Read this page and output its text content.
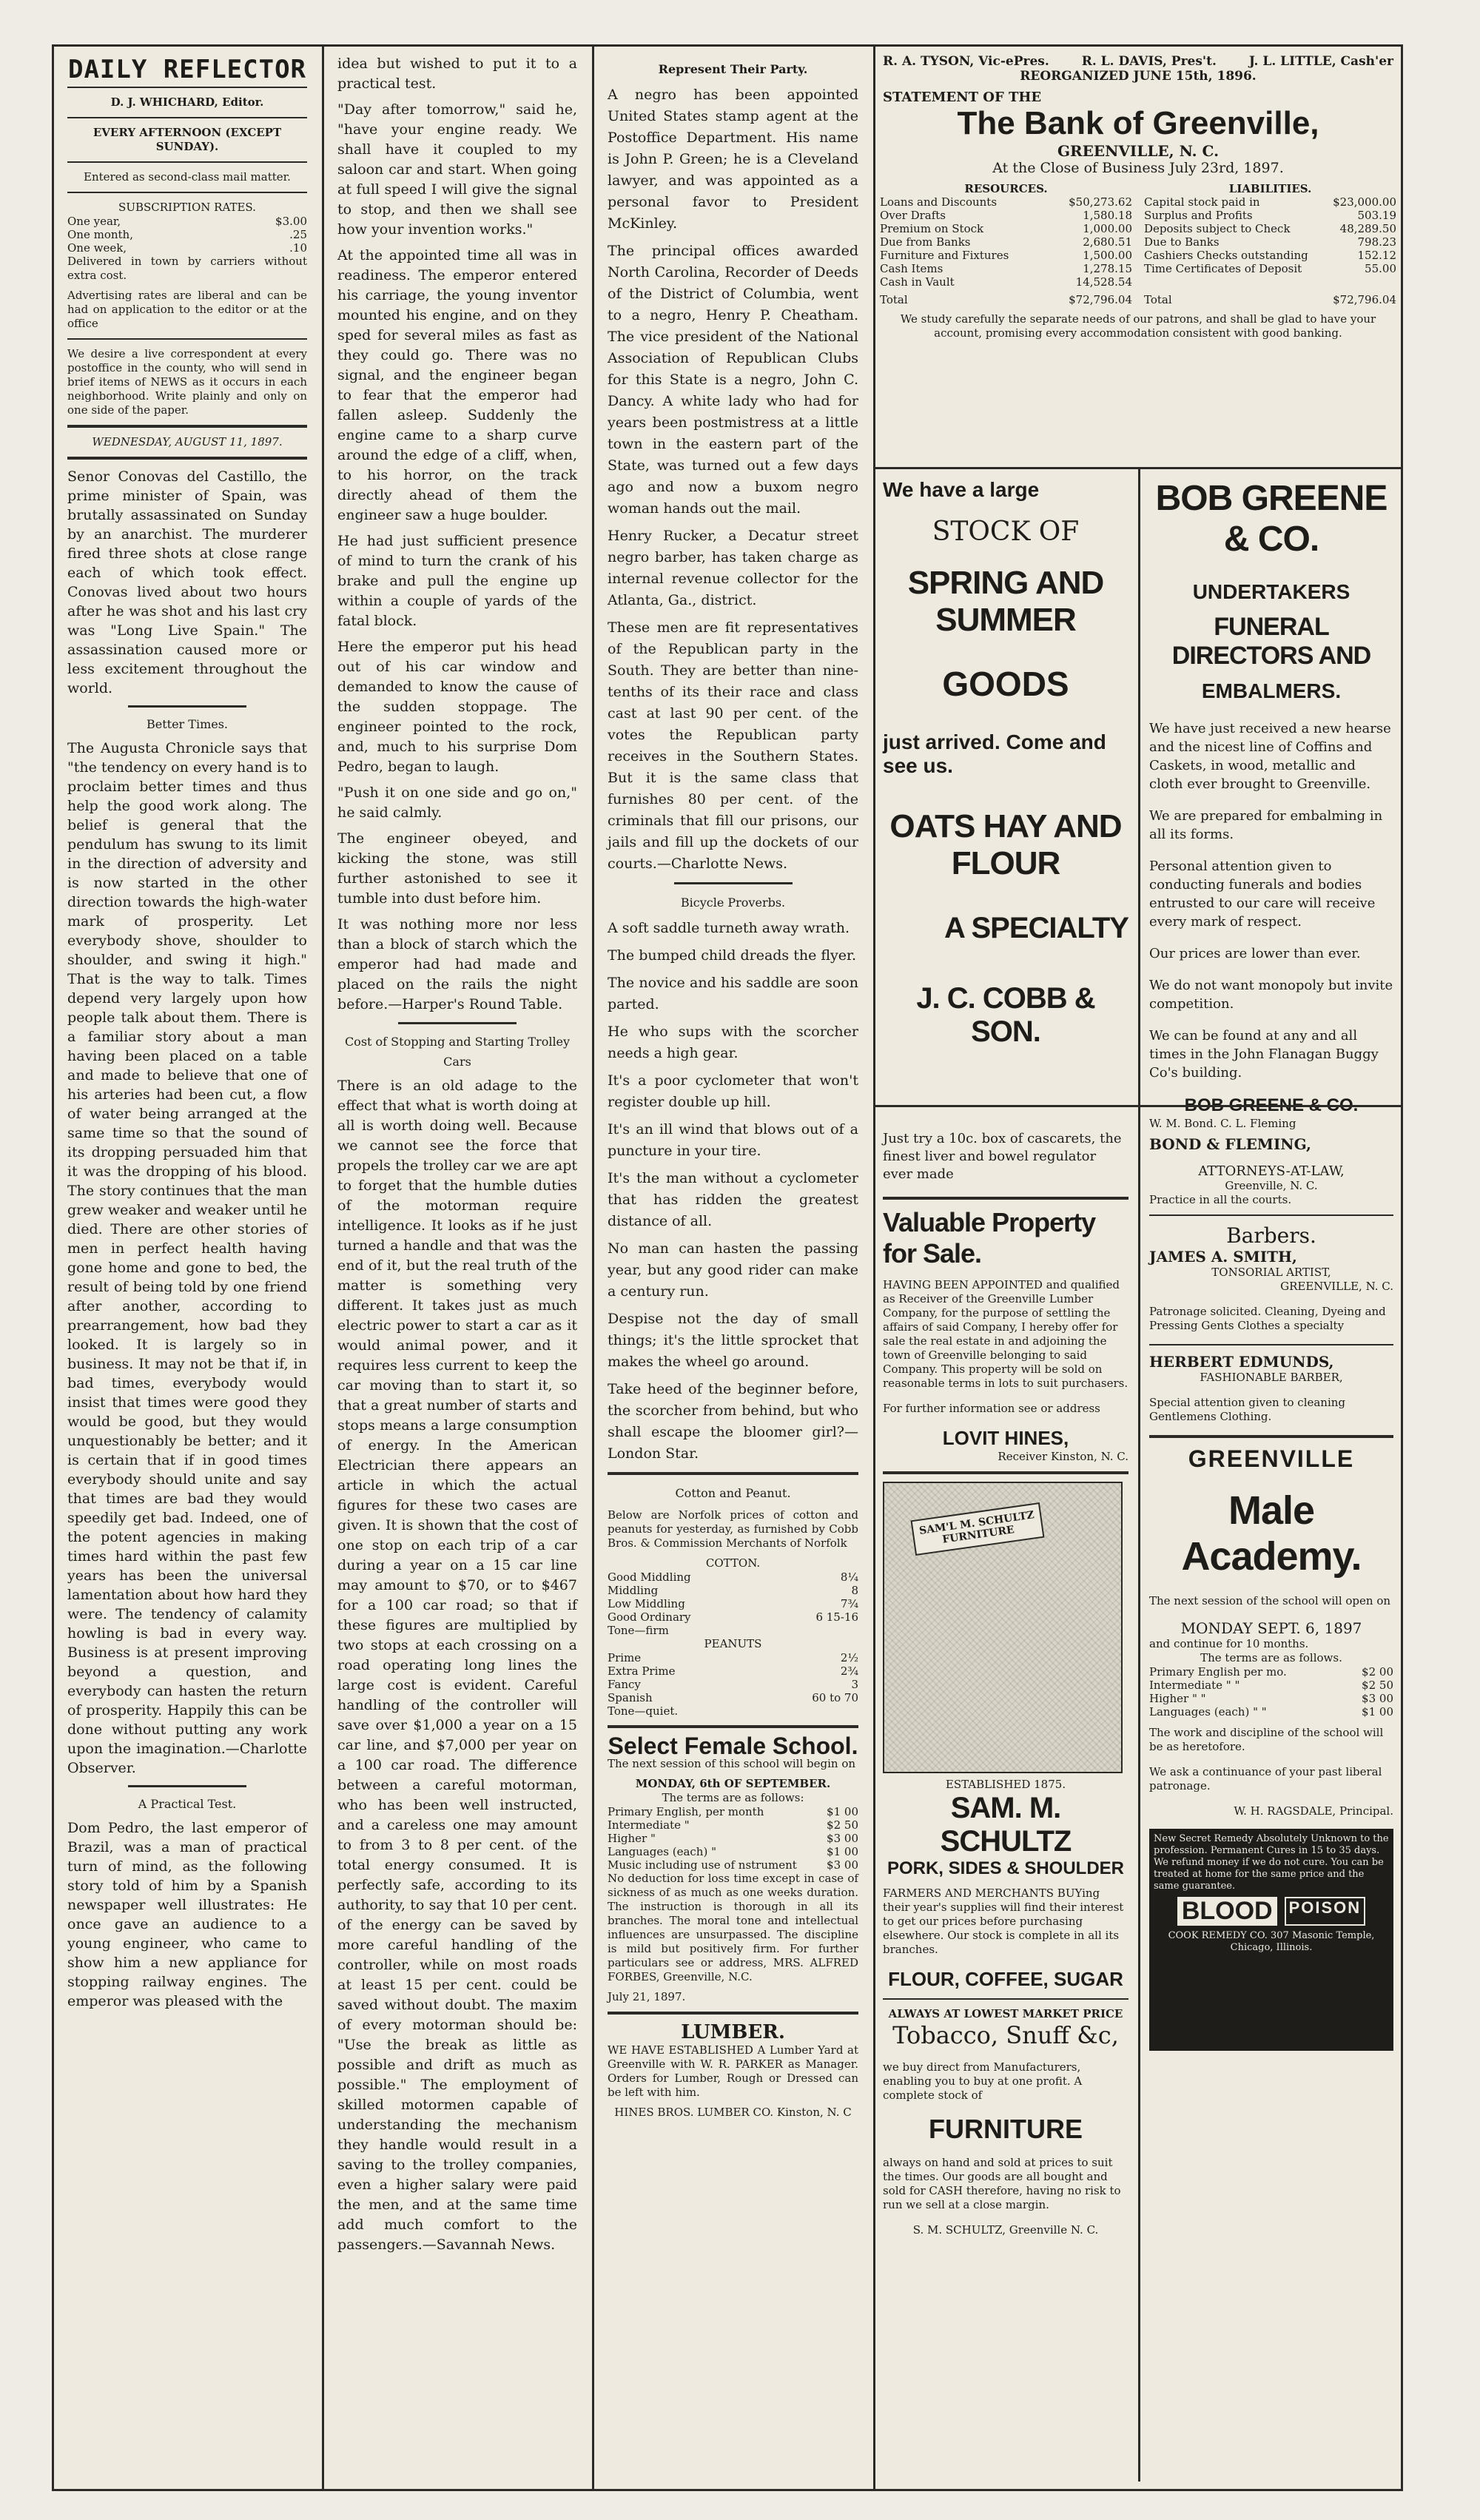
DAILY REFLECTOR
D. J. WHICHARD, Editor.
EVERY AFTERNOON (EXCEPT SUNDAY).
Entered as second-class mail matter.
SUBSCRIPTION RATES.
One year,	$3.00
One month,	.25
One week,	.10

Delivered in town by carriers without extra cost.

Advertising rates are liberal and can be had on application to the editor or at the office

We desire a live correspondent at every postoffice in the county, who will send in brief items of NEWS as it occurs in each neighborhood. Write plainly and only on one side of the paper.

WEDNESDAY, AUGUST 11, 1897.

Senor Conovas del Castillo, the prime minister of Spain, was brutally assassinated on Sunday by an anarchist. The murderer fired three shots at close range each of which took effect. Conovas lived about two hours after he was shot and his last cry was "Long Live Spain." The assassination caused more or less excitement throughout the world.

Better Times.

The Augusta Chronicle says that "the tendency on every hand is to proclaim better times and thus help the good work along. The belief is general that the pendulum has swung to its limit in the direction of adversity and is now started in the other direction towards the high-water mark of prosperity. Let everybody shove, shoulder to shoulder, and swing it high." That is the way to talk. Times depend very largely upon how people talk about them. There is a familiar story about a man having been placed on a table and made to believe that one of his arteries had been cut, a flow of water being arranged at the same time so that the sound of its dropping persuaded him that it was the dropping of his blood. The story continues that the man grew weaker and weaker until he died. There are other stories of men in perfect health having gone home and gone to bed, the result of being told by one friend after another, according to prearrangement, how bad they looked. It is largely so in business. It may not be that if, in bad times, everybody would insist that times were good they would be good, but they would unquestionably be better; and it is certain that if in good times everybody should unite and say that times are bad they would speedily get bad. Indeed, one of the potent agencies in making times hard within the past few years has been the universal lamentation about how hard they were. The tendency of calamity howling is bad in every way. Business is at present improving beyond a question, and everybody can hasten the return of prosperity. Happily this can be done without putting any work upon the imagination.—Charlotte Observer.

A Practical Test.

Dom Pedro, the last emperor of Brazil, was a man of practical turn of mind, as the following story told of him by a Spanish newspaper well illustrates: He once gave an audience to a young engineer, who came to show him a new appliance for stopping railway engines. The emperor was pleased with the

idea but wished to put it to a practical test.

"Day after tomorrow," said he, "have your engine ready. We shall have it coupled to my saloon car and start. When going at full speed I will give the signal to stop, and then we shall see how your invention works."

At the appointed time all was in readiness. The emperor entered his carriage, the young inventor mounted his engine, and on they sped for several miles as fast as they could go. There was no signal, and the engineer began to fear that the emperor had fallen asleep. Suddenly the engine came to a sharp curve around the edge of a cliff, when, to his horror, on the track directly ahead of them the engineer saw a huge boulder.

He had just sufficient presence of mind to turn the crank of his brake and pull the engine up within a couple of yards of the fatal block.

Here the emperor put his head out of his car window and demanded to know the cause of the sudden stoppage. The engineer pointed to the rock, and, much to his surprise Dom Pedro, began to laugh.

"Push it on one side and go on," he said calmly.

The engineer obeyed, and kicking the stone, was still further astonished to see it tumble into dust before him.

It was nothing more nor less than a block of starch which the emperor had had made and placed on the rails the night before.—Harper's Round Table.

Cost of Stopping and Starting Trolley Cars

There is an old adage to the effect that what is worth doing at all is worth doing well. Because we cannot see the force that propels the trolley car we are apt to forget that the humble duties of the motorman require intelligence. It looks as if he just turned a handle and that was the end of it, but the real truth of the matter is something very different. It takes just as much electric power to start a car as it would animal power, and it requires less current to keep the car moving than to start it, so that a great number of starts and stops means a large consumption of energy. In the American Electrician there appears an article in which the actual figures for these two cases are given. It is shown that the cost of one stop on each trip of a car during a year on a 15 car line may amount to $70, or to $467 for a 100 car road; so that if these figures are multiplied by two stops at each crossing on a road operating long lines the large cost is evident. Careful handling of the controller will save over $1,000 a year on a 15 car line, and $7,000 per year on a 100 car road. The difference between a careful motorman, who has been well instructed, and a careless one may amount to from 3 to 8 per cent. of the total energy consumed. It is perfectly safe, according to its authority, to say that 10 per cent. of the energy can be saved by more careful handling of the controller, while on most roads at least 15 per cent. could be saved without doubt. The maxim of every motorman should be: "Use the break as little as possible and drift as much as possible." The employment of skilled motormen capable of understanding the mechanism they handle would result in a saving to the trolley companies, even a higher salary were paid the men, and at the same time add much comfort to the passengers.—Savannah News.

Represent Their Party.

A negro has been appointed United States stamp agent at the Postoffice Department. His name is John P. Green; he is a Cleveland lawyer, and was appointed as a personal favor to President McKinley.

The principal offices awarded North Carolina, Recorder of Deeds of the District of Columbia, went to a negro, Henry P. Cheatham. The vice president of the National Association of Republican Clubs for this State is a negro, John C. Dancy. A white lady who had for years been postmistress at a little town in the eastern part of the State, was turned out a few days ago and now a buxom negro woman hands out the mail.

Henry Rucker, a Decatur street negro barber, has taken charge as internal revenue collector for the Atlanta, Ga., district.

These men are fit representatives of the Republican party in the South. They are better than nine-tenths of its their race and class cast at last 90 per cent. of the votes the Republican party receives in the Southern States. But it is the same class that furnishes 80 per cent. of the criminals that fill our prisons, our jails and fill up the dockets of our courts.—Charlotte News.

Bicycle Proverbs.

A soft saddle turneth away wrath.

The bumped child dreads the flyer.

The novice and his saddle are soon parted.

He who sups with the scorcher needs a high gear.

It's a poor cyclometer that won't register double up hill.

It's an ill wind that blows out of a puncture in your tire.

It's the man without a cyclometer that has ridden the greatest distance of all.

No man can hasten the passing year, but any good rider can make a century run.

Despise not the day of small things; it's the little sprocket that makes the wheel go around.

Take heed of the beginner before, the scorcher from behind, but who shall escape the bloomer girl?—London Star.

Cotton and Peanut.

Below are Norfolk prices of cotton and peanuts for yesterday, as furnished by Cobb Bros. & Commission Merchants of Norfolk

COTTON.
Good Middling	8¼
Middling	8
Low Middling	7¾
Good Ordinary	6 15-16
Tone—firm
PEANUTS
Prime	2½
Extra Prime	2¾
Fancy	3
Spanish	60 to 70
Tone—quiet.
Select Female School.

The next session of this school will begin on

MONDAY, 6th OF SEPTEMBER.
The terms are as follows:
Primary English, per month	$1 00
Intermediate "	$2 50
Higher "	$3 00
Languages (each) "	$1 00
Music including use of nstrument	$3 00

No deduction for loss time except in case of sickness of as much as one weeks duration. The instruction is thorough in all its branches. The moral tone and intellectual influences are unsurpassed. The discipline is mild but positively firm. For further particulars see or address, MRS. ALFRED FORBES, Greenville, N.C.

July 21, 1897.
LUMBER.

WE HAVE ESTABLISHED A Lumber Yard at Greenville with W. R. PARKER as Manager. Orders for Lumber, Rough or Dressed can be left with him.

HINES BROS. LUMBER CO. Kinston, N. C
R. A. TYSON, Vic-ePres.	R. L. DAVIS, Pres't.	J. L. LITTLE, Cash'er
REORGANIZED JUNE 15th, 1896.
STATEMENT OF THE
The Bank of Greenville,
GREENVILLE, N. C.
At the Close of Business July 23rd, 1897.
RESOURCES.
Loans and Discounts	$50,273.62
Over Drafts	1,580.18
Premium on Stock	1,000.00
Due from Banks	2,680.51
Furniture and Fixtures	1,500.00
Cash Items	1,278.15
Cash in Vault	14,528.54
Total	$72,796.04
LIABILITIES.
Capital stock paid in	$23,000.00
Surplus and Profits	503.19
Deposits subject to Check	48,289.50
Due to Banks	798.23
Cashiers Checks outstanding	152.12
Time Certificates of Deposit	55.00
Total	$72,796.04
We study carefully the separate needs of our patrons, and shall be glad to have your account, promising every accommodation consistent with good banking.
We have a large
STOCK OF
SPRING AND SUMMER
GOODS
just arrived. Come and see us.
OATS HAY AND FLOUR
A SPECIALTY
J. C. COBB & SON.
BOB GREENE & CO.
UNDERTAKERS
FUNERAL DIRECTORS AND
EMBALMERS.

We have just received a new hearse and the nicest line of Coffins and Caskets, in wood, metallic and cloth ever brought to Greenville.

We are prepared for embalming in all its forms.

Personal attention given to conducting funerals and bodies entrusted to our care will receive every mark of respect.

Our prices are lower than ever.

We do not want monopoly but invite competition.

We can be found at any and all times in the John Flanagan Buggy Co's building.

BOB GREENE & CO.

Just try a 10c. box of cascarets, the finest liver and bowel regulator ever made

Valuable Property for Sale.

HAVING BEEN APPOINTED and qualified as Receiver of the Greenville Lumber Company, for the purpose of settling the affairs of said Company, I hereby offer for sale the real estate in and adjoining the town of Greenville belonging to said Company. This property will be sold on reasonable terms in lots to suit purchasers.

For further information see or address

LOVIT HINES,
Receiver Kinston, N. C.
SAM'L M. SCHULTZ FURNITURE
ESTABLISHED 1875.
SAM. M. SCHULTZ
PORK, SIDES & SHOULDER

FARMERS AND MERCHANTS BUYing their year's supplies will find their interest to get our prices before purchasing elsewhere. Our stock is complete in all its branches.

FLOUR, COFFEE, SUGAR
ALWAYS AT LOWEST MARKET PRICE
Tobacco, Snuff &c,

we buy direct from Manufacturers, enabling you to buy at one profit. A complete stock of

FURNITURE

always on hand and sold at prices to suit the times. Our goods are all bought and sold for CASH therefore, having no risk to run we sell at a close margin.

S. M. SCHULTZ, Greenville N. C.
W. M. Bond. C. L. Fleming
BOND & FLEMING,
ATTORNEYS-AT-LAW,
Greenville, N. C.
Practice in all the courts.
Barbers.
JAMES A. SMITH,
TONSORIAL ARTIST,
GREENVILLE, N. C.

Patronage solicited. Cleaning, Dyeing and Pressing Gents Clothes a specialty

HERBERT EDMUNDS,
FASHIONABLE BARBER,

Special attention given to cleaning Gentlemens Clothing.

GREENVILLE
Male Academy.

The next session of the school will open on

MONDAY SEPT. 6, 1897
and continue for 10 months.
The terms are as follows.
Primary English per mo.	$2 00
Intermediate " "	$2 50
Higher " "	$3 00
Languages (each) " "	$1 00

The work and discipline of the school will be as heretofore.

We ask a continuance of your past liberal patronage.

W. H. RAGSDALE, Principal.
New Secret Remedy Absolutely Unknown to the profession. Permanent Cures in 15 to 35 days. We refund money if we do not cure. You can be treated at home for the same price and the same guarantee.
BLOOD POISON
COOK REMEDY CO. 307 Masonic Temple, Chicago, Illinois.
